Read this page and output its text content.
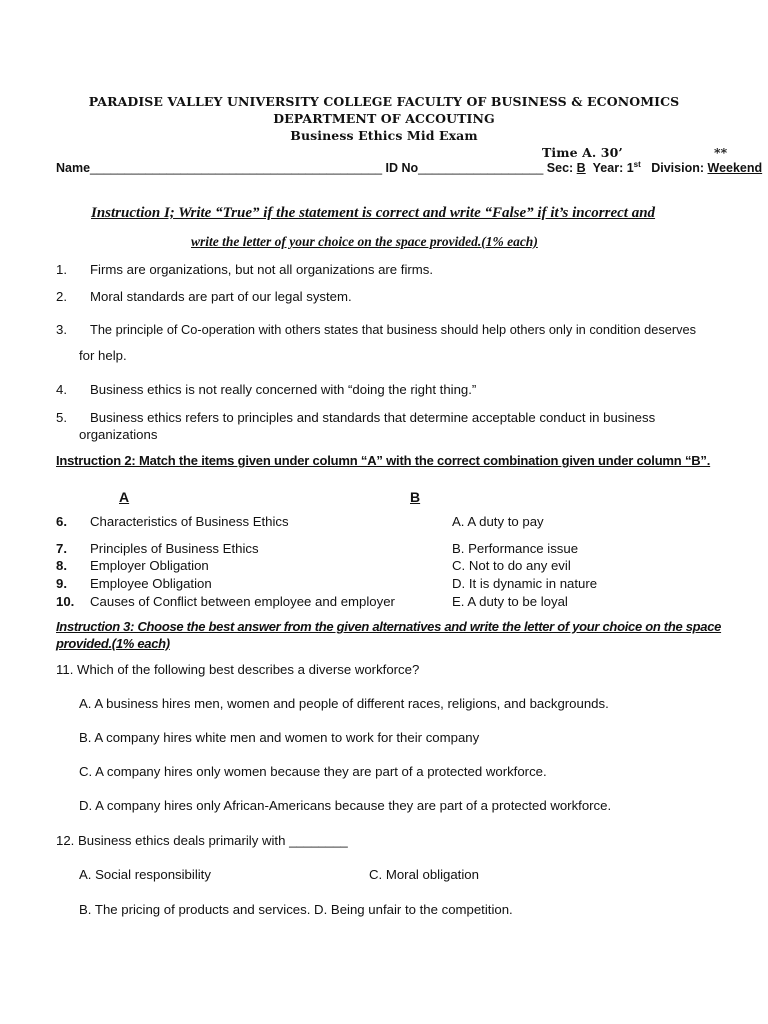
PARADISE VALLEY UNIVERSITY COLLEGE FACULTY OF BUSINESS & ECONOMICS
DEPARTMENT OF ACCOUTING
Business Ethics Mid Exam
Time A. 30’	**
Name__________________________________________ ID No__________________ Sec: B Year: 1st Division: Weekend
Instruction I; Write “True” if the statement is correct and write “False” if it’s incorrect and
write the letter of your choice on the space provided.(1% each)
1. Firms are organizations, but not all organizations are firms.
2. Moral standards are part of our legal system.
3. The principle of Co-operation with others states that business should help others only in condition deserves
for help.
4. Business ethics is not really concerned with “doing the right thing.”
5. Business ethics refers to principles and standards that determine acceptable conduct in business
organizations
Instruction 2: Match the items given under column “A” with the correct combination given under column “B”.
A	B
6. Characteristics of Business Ethics	A. A duty to pay
7. Principles of Business Ethics	B. Performance issue
8. Employer Obligation	C. Not to do any evil
9. Employee Obligation	D. It is dynamic in nature
10. Causes of Conflict between employee and employer	E. A duty to be loyal
Instruction 3: Choose the best answer from the given alternatives and write the letter of your choice on the space
provided.(1% each)
11. Which of the following best describes a diverse workforce?
A. A business hires men, women and people of different races, religions, and backgrounds.
B. A company hires white men and women to work for their company
C. A company hires only women because they are part of a protected workforce.
D. A company hires only African-Americans because they are part of a protected workforce.
12. Business ethics deals primarily with ________
A. Social responsibility	C. Moral obligation
B. The pricing of products and services. D. Being unfair to the competition.
